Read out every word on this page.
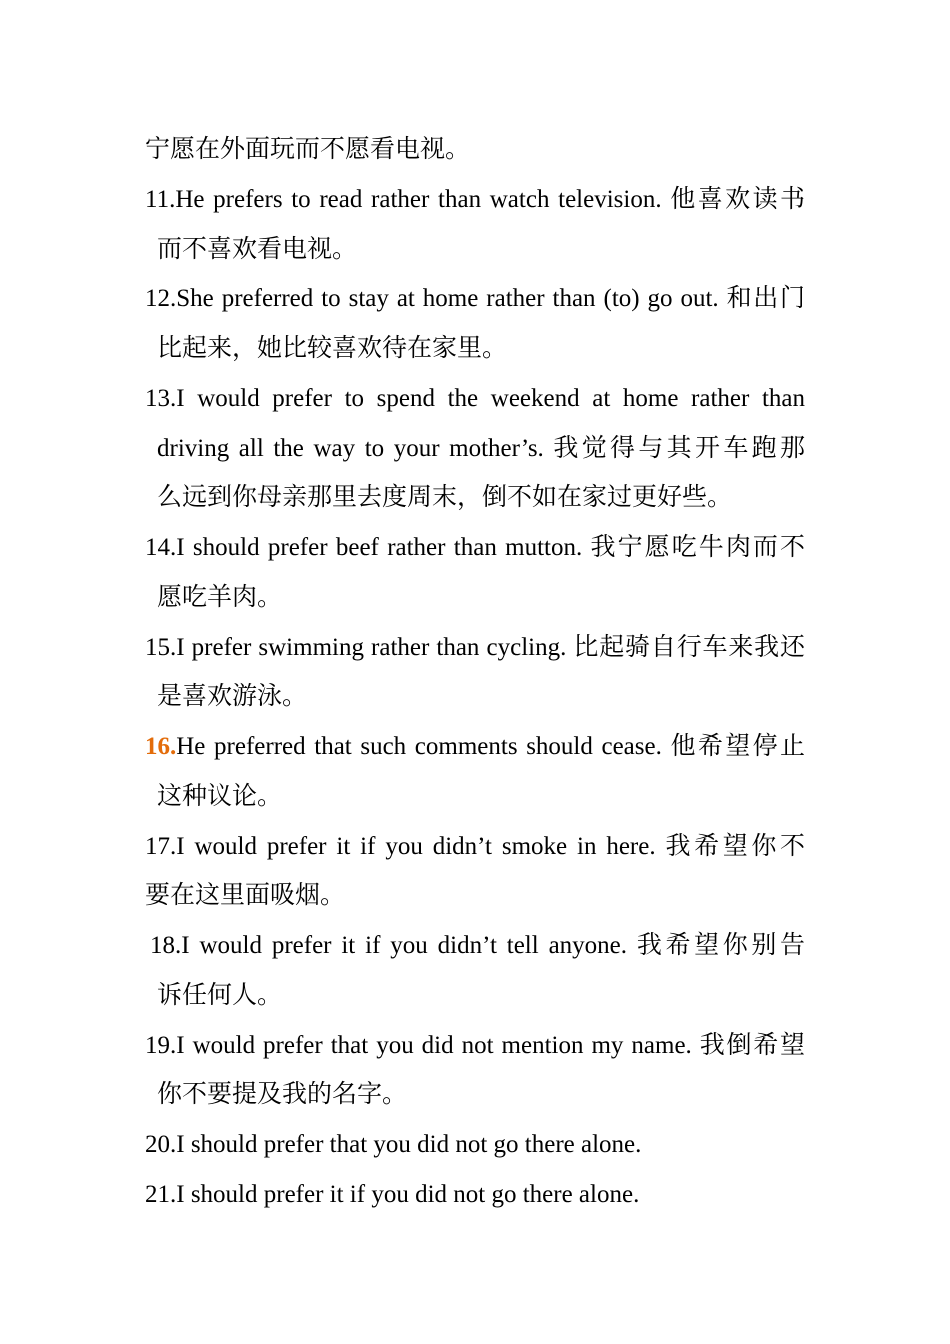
宁愿在外面玩而不愿看电视。
11.He prefers to read rather than watch television. 他喜欢读书
而不喜欢看电视。
12.She preferred to stay at home rather than (to) go out. 和出门
比起来，她比较喜欢待在家里。
13.I would prefer to spend the weekend at home rather than
driving all the way to your mother’s. 我觉得与其开车跑那
么远到你母亲那里去度周末，倒不如在家过更好些。
14.I should prefer beef rather than mutton. 我宁愿吃牛肉而不
愿吃羊肉。
15.I prefer swimming rather than cycling. 比起骑自行车来我还
是喜欢游泳。
16. He preferred that such comments should cease. 他希望停止
这种议论。
17.I would prefer it if you didn’t smoke in here. 我希望你不
要在这里面吸烟。
18.I would prefer it if you didn’t tell anyone. 我希望你别告
诉任何人。
19.I would prefer that you did not mention my name. 我倒希望
你不要提及我的名字。
20.I should prefer that you did not go there alone.
21.I should prefer it if you did not go there alone.
